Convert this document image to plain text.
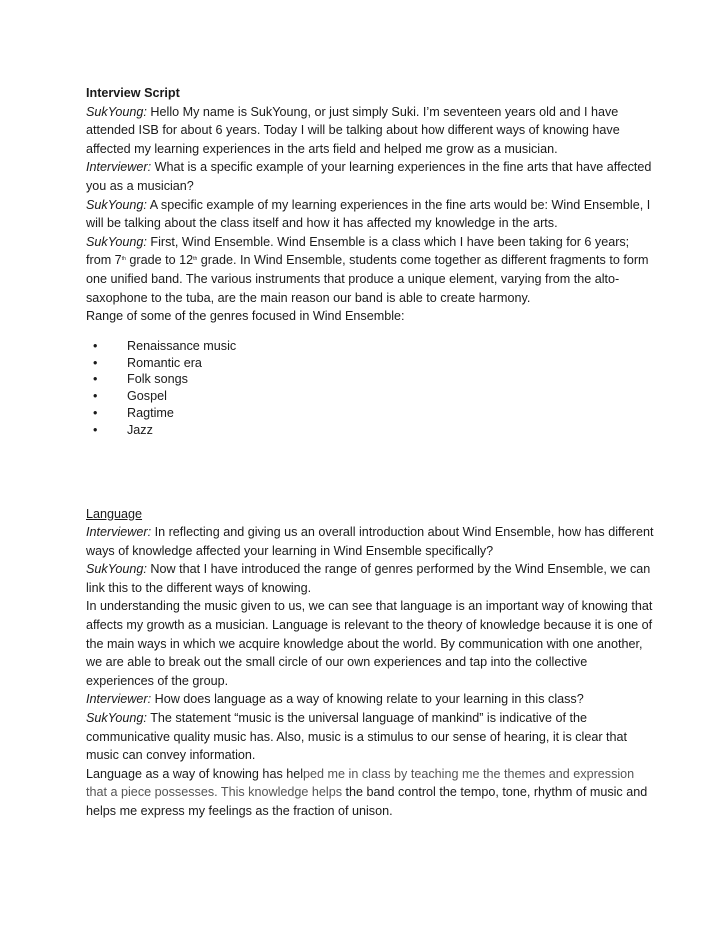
Interview Script

SukYoung: Hello My name is SukYoung, or just simply Suki. I’m seventeen years old and I have attended ISB for about 6 years. Today I will be talking about how different ways of knowing have affected my learning experiences in the arts field and helped me grow as a musician.

Interviewer: What is a specific example of your learning experiences in the fine arts that have affected you as a musician?

SukYoung: A specific example of my learning experiences in the fine arts would be: Wind Ensemble, I will be talking about the class itself and how it has affected my knowledge in the arts.

SukYoung: First, Wind Ensemble. Wind Ensemble is a class which I have been taking for 6 years; from 7th grade to 12th grade. In Wind Ensemble, students come together as different fragments to form one unified band. The various instruments that produce a unique element, varying from the alto-saxophone to the tuba, are the main reason our band is able to create harmony.

Range of some of the genres focused in Wind Ensemble:

• Renaissance music
• Romantic era
• Folk songs
• Gospel
• Ragtime
• Jazz

Language

Interviewer: In reflecting and giving us an overall introduction about Wind Ensemble, how has different ways of knowledge affected your learning in Wind Ensemble specifically?

SukYoung: Now that I have introduced the range of genres performed by the Wind Ensemble, we can link this to the different ways of knowing.

In understanding the music given to us, we can see that language is an important way of knowing that affects my growth as a musician. Language is relevant to the theory of knowledge because it is one of the main ways in which we acquire knowledge about the world. By communication with one another, we are able to break out the small circle of our own experiences and tap into the collective experiences of the group.

Interviewer: How does language as a way of knowing relate to your learning in this class?

SukYoung: The statement “music is the universal language of mankind” is indicative of the communicative quality music has. Also, music is a stimulus to our sense of hearing, it is clear that music can convey information.

Language as a way of knowing has helped me in class by teaching me the themes and expression that a piece possesses. This knowledge helps the band control the tempo, tone, rhythm of music and helps me express my feelings as the fraction of unison.
